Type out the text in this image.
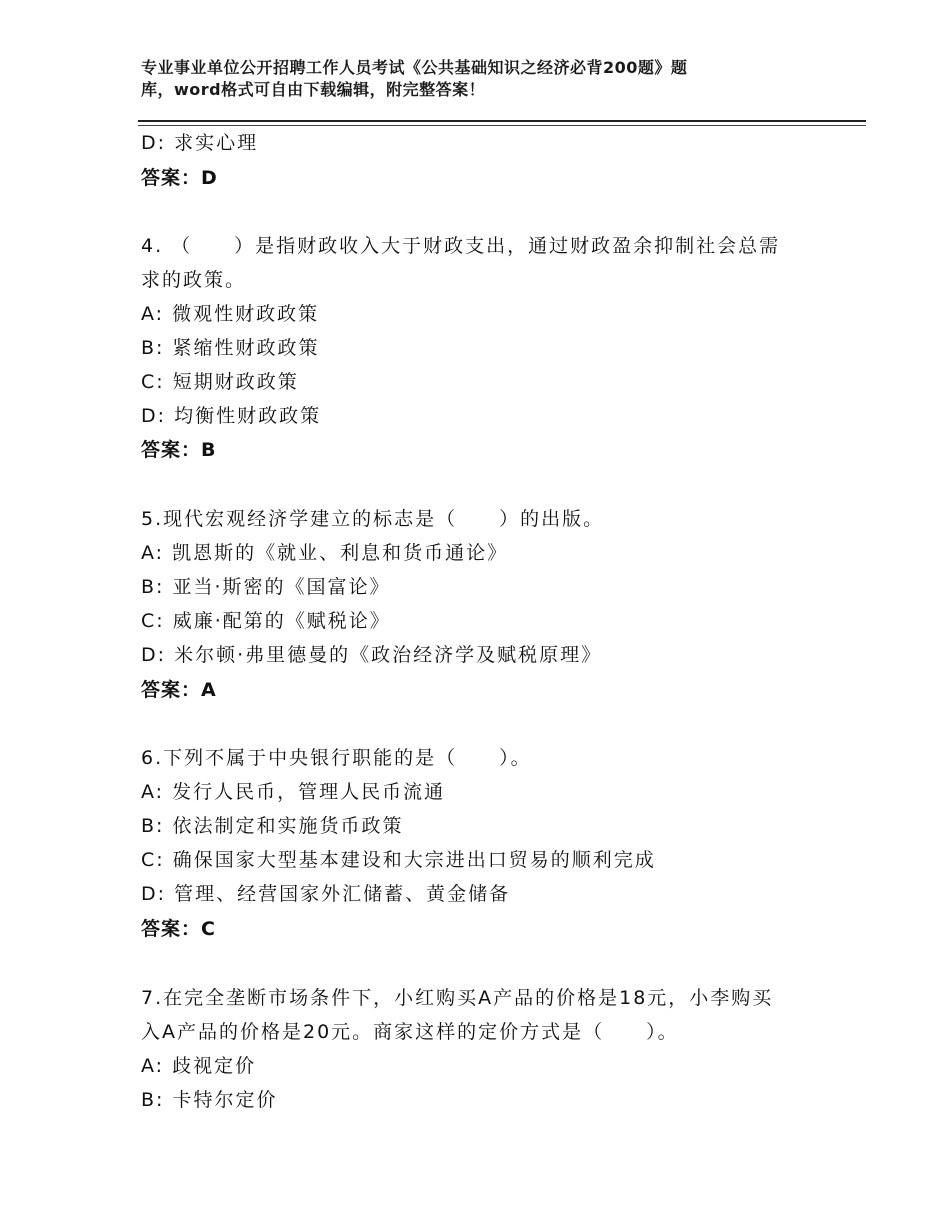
专业事业单位公开招聘工作人员考试《公共基础知识之经济必背200题》题
库，word格式可自由下载编辑，附完整答案！
D: 求实心理
答案：D
4. （　　）是指财政收入大于财政支出，通过财政盈余抑制社会总需
求的政策。
A: 微观性财政政策
B: 紧缩性财政政策
C: 短期财政政策
D: 均衡性财政政策
答案：B
5.现代宏观经济学建立的标志是（　　）的出版。
A: 凯恩斯的《就业、利息和货币通论》
B: 亚当·斯密的《国富论》
C: 威廉·配第的《赋税论》
D: 米尔顿·弗里德曼的《政治经济学及赋税原理》
答案：A
6.下列不属于中央银行职能的是（　　）。
A: 发行人民币，管理人民币流通
B: 依法制定和实施货币政策
C: 确保国家大型基本建设和大宗进出口贸易的顺利完成
D: 管理、经营国家外汇储蓄、黄金储备
答案：C
7.在完全垄断市场条件下，小红购买A产品的价格是18元，小李购买
入A产品的价格是20元。商家这样的定价方式是（　　）。
A: 歧视定价
B: 卡特尔定价
